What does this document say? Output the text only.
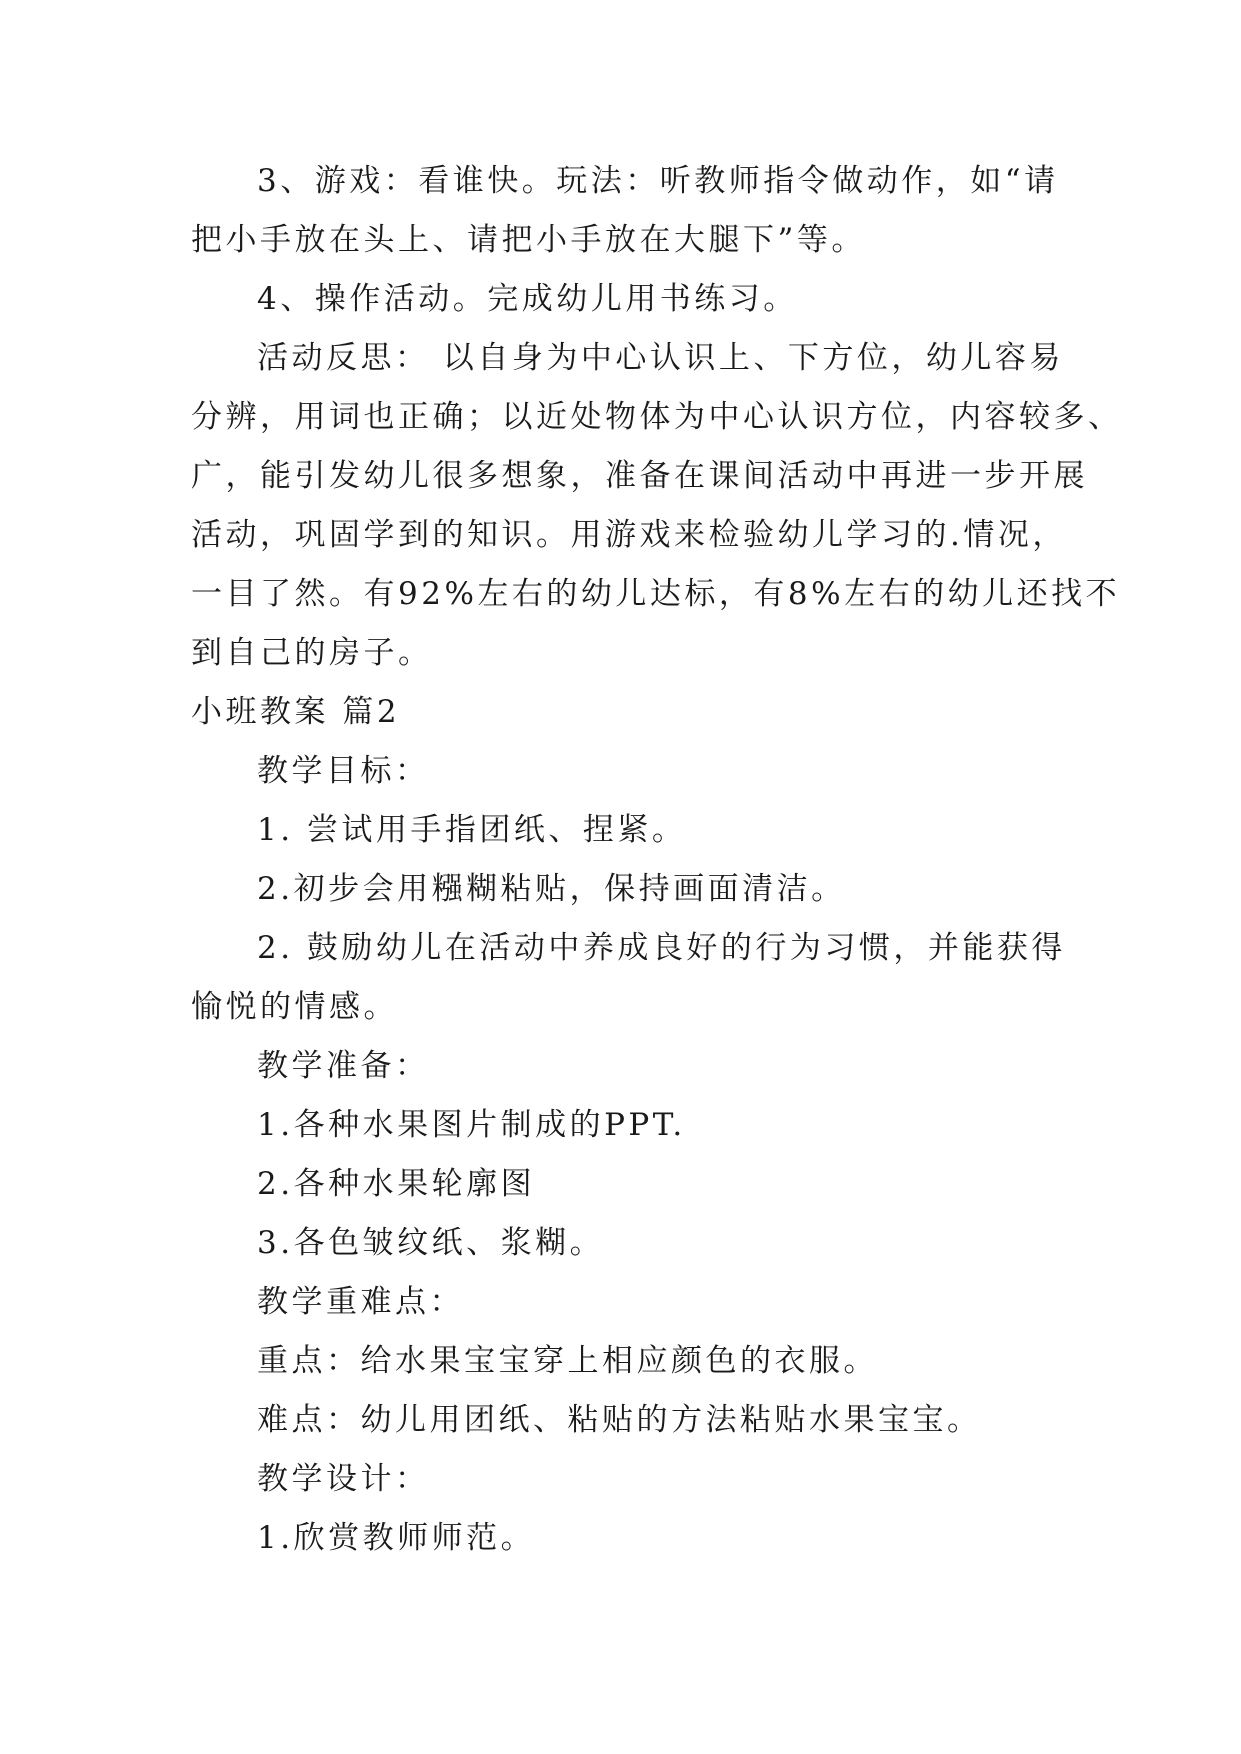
3、游戏：看谁快。玩法：听教师指令做动作，如“请

把小手放在头上、请把小手放在大腿下”等。

4、操作活动。完成幼儿用书练习。

活动反思： 以自身为中心认识上、下方位，幼儿容易

分辨，用词也正确；以近处物体为中心认识方位，内容较多、

广，能引发幼儿很多想象，准备在课间活动中再进一步开展

活动，巩固学到的知识。用游戏来检验幼儿学习的.情况，

一目了然。有92%左右的幼儿达标，有8%左右的幼儿还找不

到自己的房子。

小班教案 篇2

教学目标：

1. 尝试用手指团纸、捏紧。

2.初步会用糨糊粘贴，保持画面清洁。

2. 鼓励幼儿在活动中养成良好的行为习惯，并能获得

愉悦的情感。

教学准备：

1.各种水果图片制成的PPT.

2.各种水果轮廓图

3.各色皱纹纸、浆糊。

教学重难点：

重点：给水果宝宝穿上相应颜色的衣服。

难点：幼儿用团纸、粘贴的方法粘贴水果宝宝。

教学设计：

1.欣赏教师师范。
